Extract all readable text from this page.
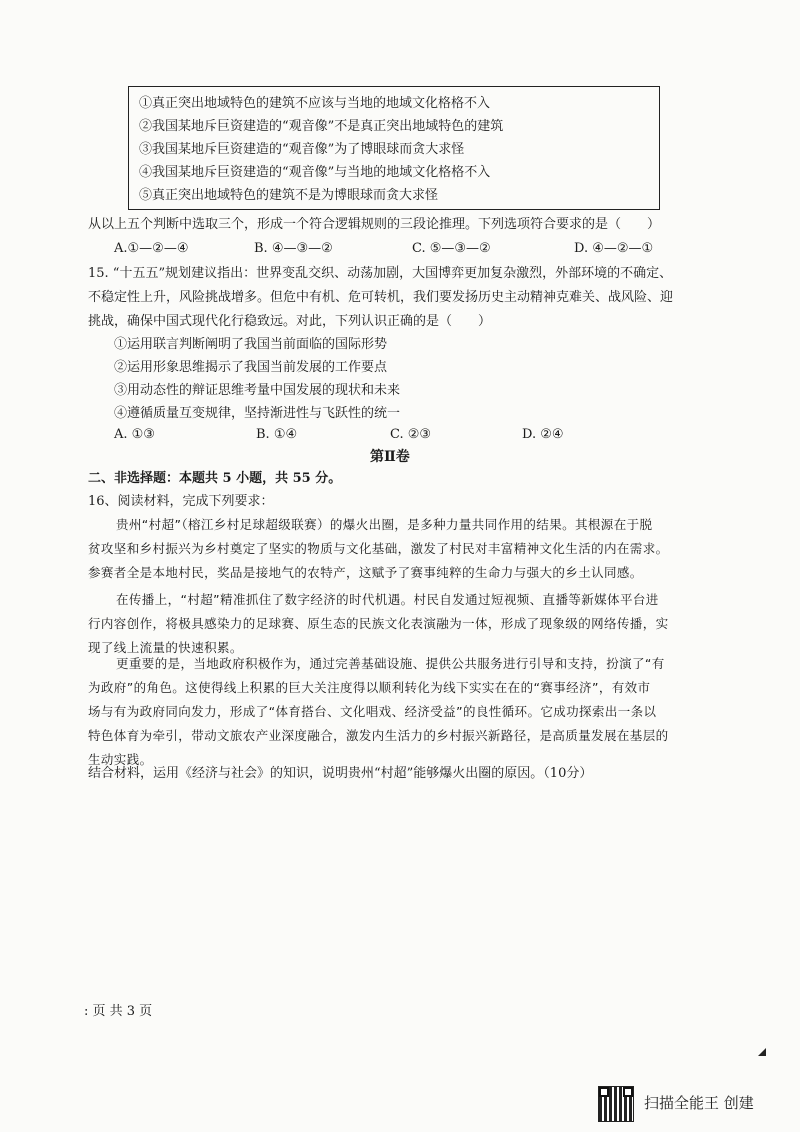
①真正突出地域特色的建筑不应该与当地的地域文化格格不入
②我国某地斥巨资建造的“观音像”不是真正突出地域特色的建筑
③我国某地斥巨资建造的“观音像”为了博眼球而贪大求怪
④我国某地斥巨资建造的“观音像”与当地的地域文化格格不入
⑤真正突出地域特色的建筑不是为博眼球而贪大求怪
从以上五个判断中选取三个，形成一个符合逻辑规则的三段论推理。下列选项符合要求的是（　　）
A.①—②—④	B. ④—③—②	C. ⑤—③—②	D. ④—②—①
15. “十五五”规划建议指出：世界变乱交织、动荡加剧，大国博弈更加复杂激烈，外部环境的不确定、
不稳定性上升，风险挑战增多。但危中有机、危可转机，我们要发扬历史主动精神克难关、战风险、迎
挑战，确保中国式现代化行稳致远。对此，下列认识正确的是（　　）
①运用联言判断阐明了我国当前面临的国际形势
②运用形象思维揭示了我国当前发展的工作要点
③用动态性的辩证思维考量中国发展的现状和未来
④遵循质量互变规律，坚持渐进性与飞跃性的统一
A. ①③	B. ①④	C. ②③	D. ②④
第Ⅱ卷
二、非选择题：本题共 5 小题，共 55 分。
16、阅读材料，完成下列要求：
贵州“村超”（榕江乡村足球超级联赛）的爆火出圈，是多种力量共同作用的结果。其根源在于脱
贫攻坚和乡村振兴为乡村奠定了坚实的物质与文化基础，激发了村民对丰富精神文化生活的内在需求。
参赛者全是本地村民，奖品是接地气的农特产，这赋予了赛事纯粹的生命力与强大的乡土认同感。
在传播上，“村超”精准抓住了数字经济的时代机遇。村民自发通过短视频、直播等新媒体平台进
行内容创作，将极具感染力的足球赛、原生态的民族文化表演融为一体，形成了现象级的网络传播，实
现了线上流量的快速积累。
更重要的是，当地政府积极作为，通过完善基础设施、提供公共服务进行引导和支持，扮演了“有
为政府”的角色。这使得线上积累的巨大关注度得以顺利转化为线下实实在在的“赛事经济”，有效市
场与有为政府同向发力，形成了“体育搭台、文化唱戏、经济受益”的良性循环。它成功探索出一条以
特色体育为牵引，带动文旅农产业深度融合，激发内生活力的乡村振兴新路径，是高质量发展在基层的
生动实践。
结合材料，运用《经济与社会》的知识，说明贵州“村超”能够爆火出圈的原因。（10分）
: 页 共 3 页
扫描全能王 创建
